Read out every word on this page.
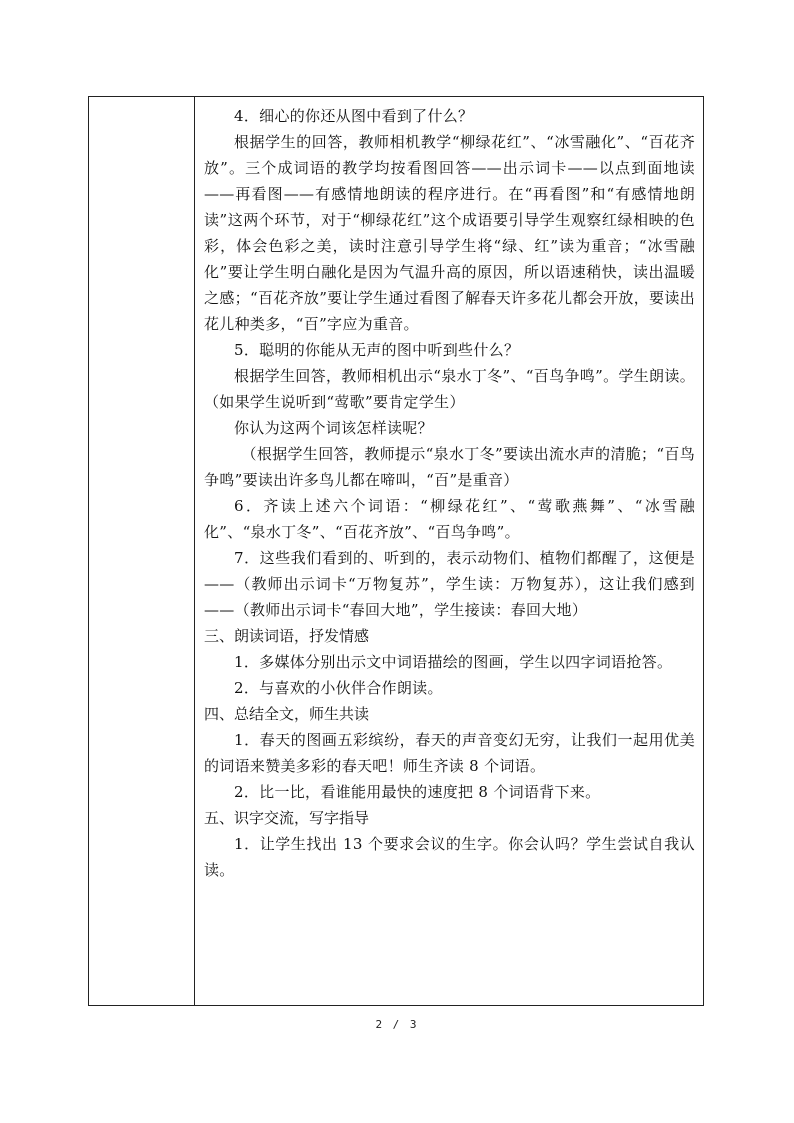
4．细心的你还从图中看到了什么？

根据学生的回答，教师相机教学“柳绿花红”、“冰雪融化”、“百花齐放”。三个成词语的教学均按看图回答——出示词卡——以点到面地读——再看图——有感情地朗读的程序进行。在“再看图”和“有感情地朗读”这两个环节，对于“柳绿花红”这个成语要引导学生观察红绿相映的色彩，体会色彩之美，读时注意引导学生将“绿、红”读为重音；“冰雪融化”要让学生明白融化是因为气温升高的原因，所以语速稍快，读出温暖之感；“百花齐放”要让学生通过看图了解春天许多花儿都会开放，要读出花儿种类多，“百”字应为重音。

5．聪明的你能从无声的图中听到些什么？

根据学生回答，教师相机出示“泉水丁冬”、“百鸟争鸣”。学生朗读。（如果学生说听到“莺歌”要肯定学生）

你认为这两个词该怎样读呢？

（根据学生回答，教师提示“泉水丁冬”要读出流水声的清脆；“百鸟争鸣”要读出许多鸟儿都在啼叫，“百”是重音）

6．齐读上述六个词语：“柳绿花红”、“莺歌燕舞”、“冰雪融化”、“泉水丁冬”、“百花齐放”、“百鸟争鸣”。

7．这些我们看到的、听到的，表示动物们、植物们都醒了，这便是——（教师出示词卡“万物复苏”，学生读：万物复苏），这让我们感到——（教师出示词卡“春回大地”，学生接读：春回大地）

三、朗读词语，抒发情感

1．多媒体分别出示文中词语描绘的图画，学生以四字词语抢答。

2．与喜欢的小伙伴合作朗读。

四、总结全文，师生共读

1．春天的图画五彩缤纷，春天的声音变幻无穷，让我们一起用优美的词语来赞美多彩的春天吧！师生齐读 8 个词语。

2．比一比，看谁能用最快的速度把 8 个词语背下来。

五、识字交流，写字指导

1．让学生找出 13 个要求会议的生字。你会认吗？学生尝试自我认读。

2 / 3
